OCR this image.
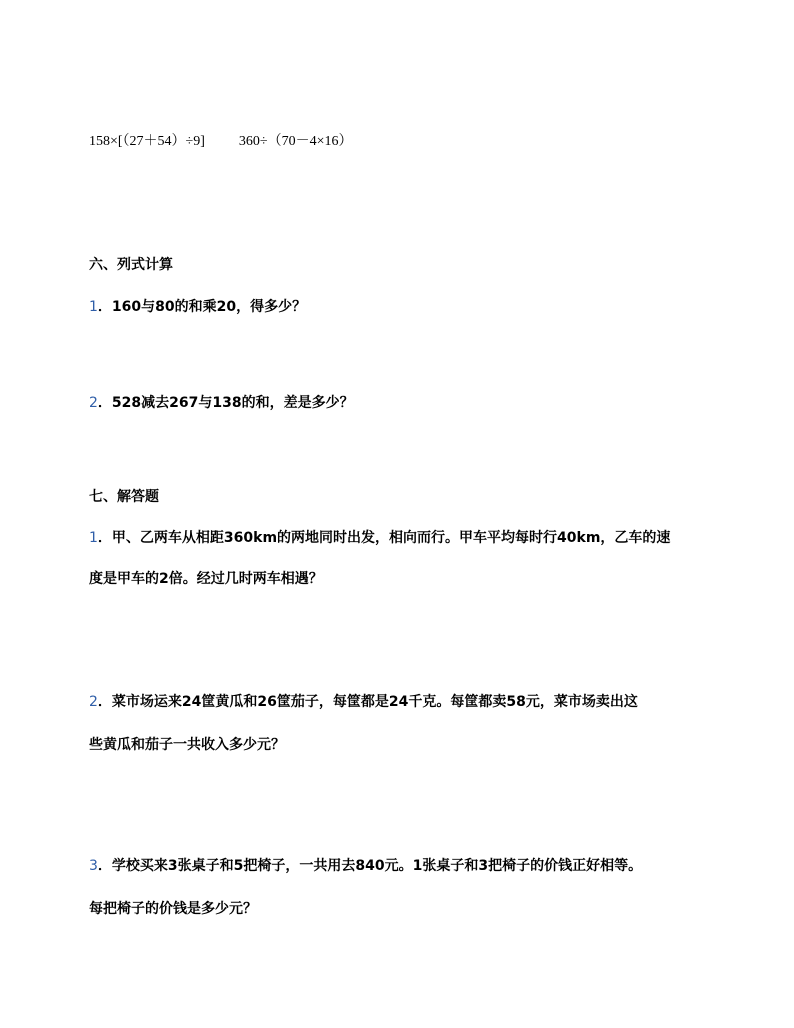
158×[（27＋54）÷9] 360÷（70－4×16）
六、列式计算
1．160与80的和乘20，得多少？
2．528减去267与138的和，差是多少？
七、解答题
1．甲、乙两车从相距360km的两地同时出发，相向而行。甲车平均每时行40km，乙车的速
度是甲车的2倍。经过几时两车相遇？
2．菜市场运来24筐黄瓜和26筐茄子，每筐都是24千克。每筐都卖58元，菜市场卖出这
些黄瓜和茄子一共收入多少元？
3．学校买来3张桌子和5把椅子，一共用去840元。1张桌子和3把椅子的价钱正好相等。
每把椅子的价钱是多少元？
